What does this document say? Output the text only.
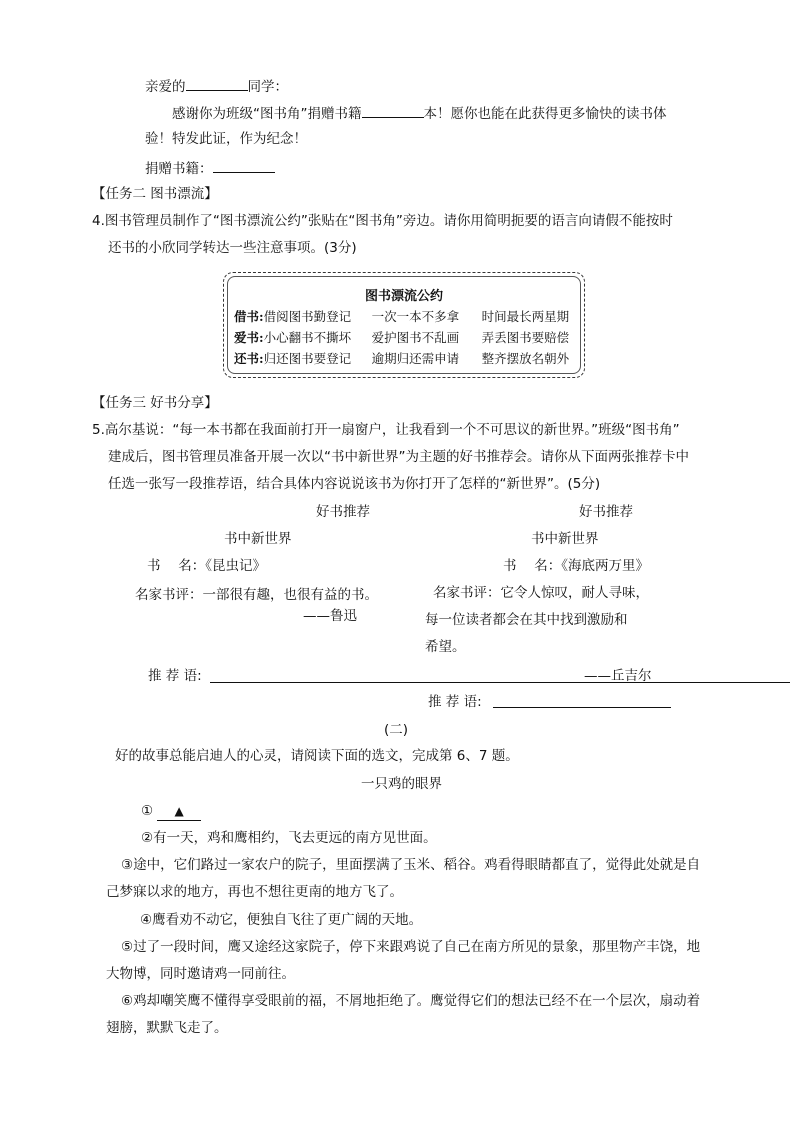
亲爱的	同学：
感谢你为班级“图书角”捐赠书籍	本！愿你也能在此获得更多愉快的读书体
验！特发此证，作为纪念！
捐赠书籍：
【任务二 图书漂流】
4.图书管理员制作了“图书漂流公约”张贴在“图书角”旁边。请你用简明扼要的语言向请假不能按时
还书的小欣同学转达一些注意事项。(3分)
图书漂流公约
借书:借阅图书勤登记 一次一本不多拿 时间最长两星期
爱书:小心翻书不撕坏 爱护图书不乱画 弄丢图书要赔偿
还书:归还图书要登记 逾期归还需申请 整齐摆放名朝外
【任务三 好书分享】
5.高尔基说：“每一本书都在我面前打开一扇窗户，让我看到一个不可思议的新世界。”班级“图书角”
建成后，图书管理员准备开展一次以“书中新世界”为主题的好书推荐会。请你从下面两张推荐卡中
任选一张写一段推荐语，结合具体内容说说该书为你打开了怎样的“新世界”。(5分)
好书推荐
书中新世界
书　 名：《昆虫记》
名家书评：一部很有趣，也很有益的书。
——鲁迅
好书推荐
书中新世界
书　 名：《海底两万里》
名家书评：它令人惊叹，耐人寻味，
每一位读者都会在其中找到激励和
希望。
推 荐 语:	——丘吉尔
推 荐 语:
(二)
好的故事总能启迪人的心灵，请阅读下面的选文，完成第 6、7 题。
一只鸡的眼界
① ▲
②有一天，鸡和鹰相约，飞去更远的南方见世面。
③途中，它们路过一家农户的院子，里面摆满了玉米、稻谷。鸡看得眼睛都直了，觉得此处就是自
己梦寐以求的地方，再也不想往更南的地方飞了。
④鹰看劝不动它，便独自飞往了更广阔的天地。
⑤过了一段时间，鹰又途经这家院子，停下来跟鸡说了自己在南方所见的景象，那里物产丰饶，地
大物博，同时邀请鸡一同前往。
⑥鸡却嘲笑鹰不懂得享受眼前的福，不屑地拒绝了。鹰觉得它们的想法已经不在一个层次，扇动着
翅膀，默默飞走了。
